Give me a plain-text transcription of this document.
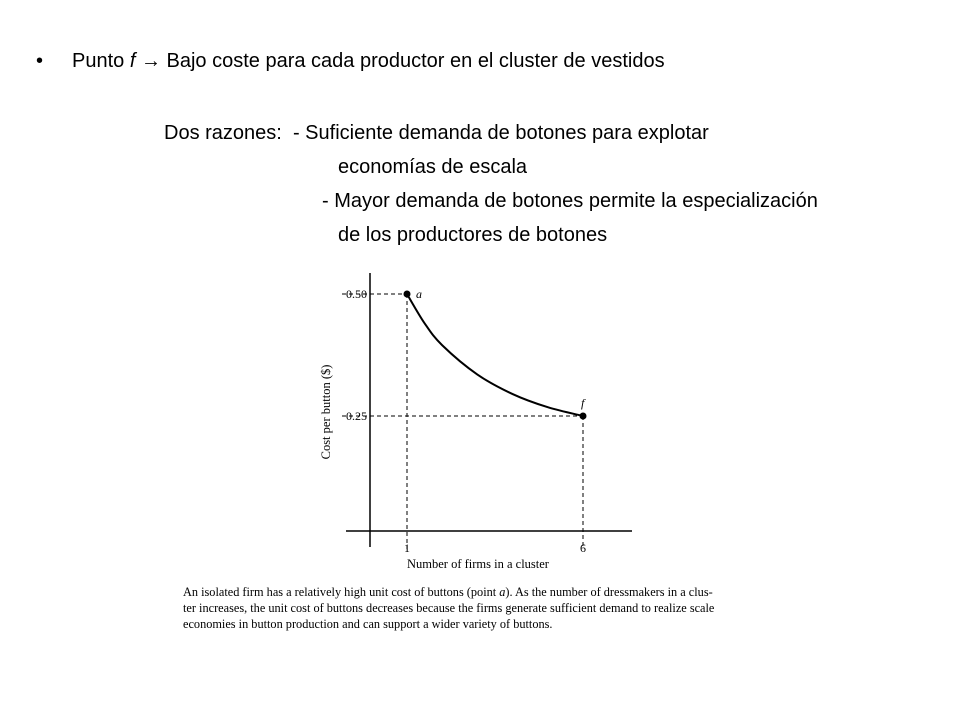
• Punto f → Bajo coste para cada productor en el cluster de vestidos
Dos razones: - Suficiente demanda de botones para explotar
economías de escala
- Mayor demanda de botones permite la especialización
de los productores de botones
0.50
0.25
1	6
a
f
Cost per button ($)
Number of firms in a cluster
An isolated firm has a relatively high unit cost of buttons (point a). As the number of dressmakers in a clus-
ter increases, the unit cost of buttons decreases because the firms generate sufficient demand to realize scale
economies in button production and can support a wider variety of buttons.
